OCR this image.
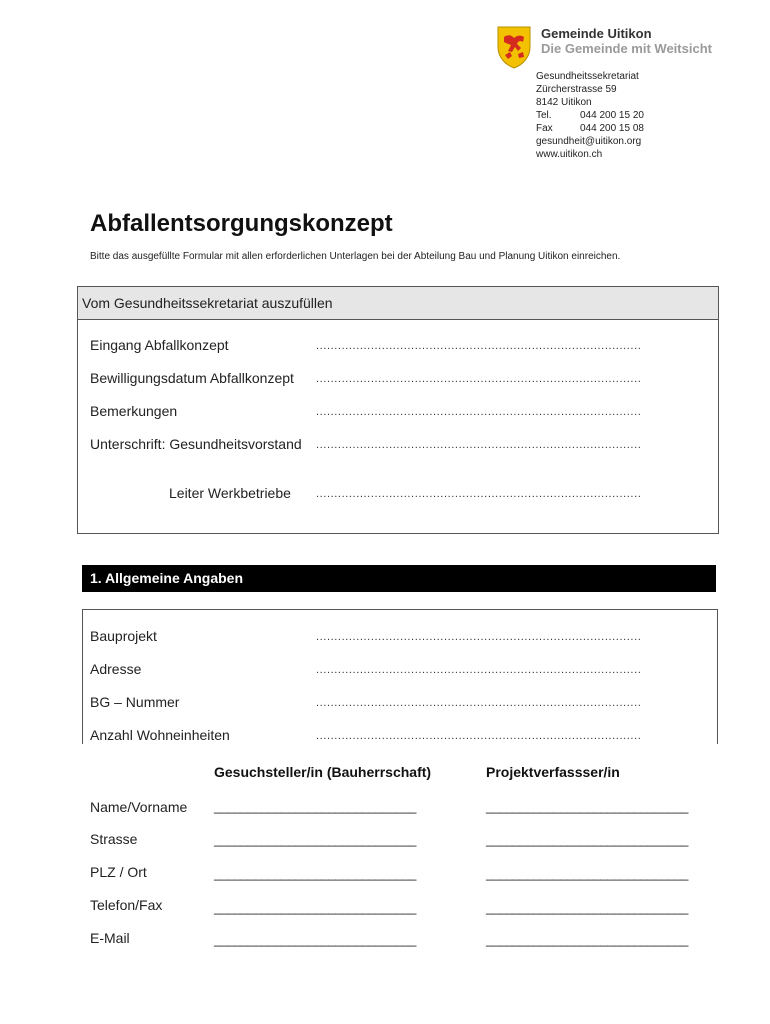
Gemeinde Uitikon
Die Gemeinde mit Weitsicht
Gesundheitssekretariat
Zürcherstrasse 59
8142 Uitikon
Tel.	044 200 15 20
Fax	044 200 15 08
gesundheit@uitikon.org
www.uitikon.ch
Abfallentsorgungskonzept
Bitte das ausgefüllte Formular mit allen erforderlichen Unterlagen bei der Abteilung Bau und Planung Uitikon einreichen.
Vom Gesundheitssekretariat auszufüllen
Eingang Abfallkonzept	.........................................................................................
Bewilligungsdatum Abfallkonzept .........................................................................................
Bemerkungen	.........................................................................................
Unterschrift: Gesundheitsvorstand .........................................................................................
Leiter Werkbetriebe .........................................................................................
1. Allgemeine Angaben
Bauprojekt	.........................................................................................
Adresse	.........................................................................................
BG – Nummer	.........................................................................................
Anzahl Wohneinheiten	.........................................................................................
Gesuchsteller/in (Bauherrschaft)	Projektverfassser/in
Name/Vorname ______________________________	______________________________
Strasse	______________________________	______________________________
PLZ / Ort	______________________________	______________________________
Telefon/Fax	______________________________	______________________________
E-Mail	______________________________	______________________________
